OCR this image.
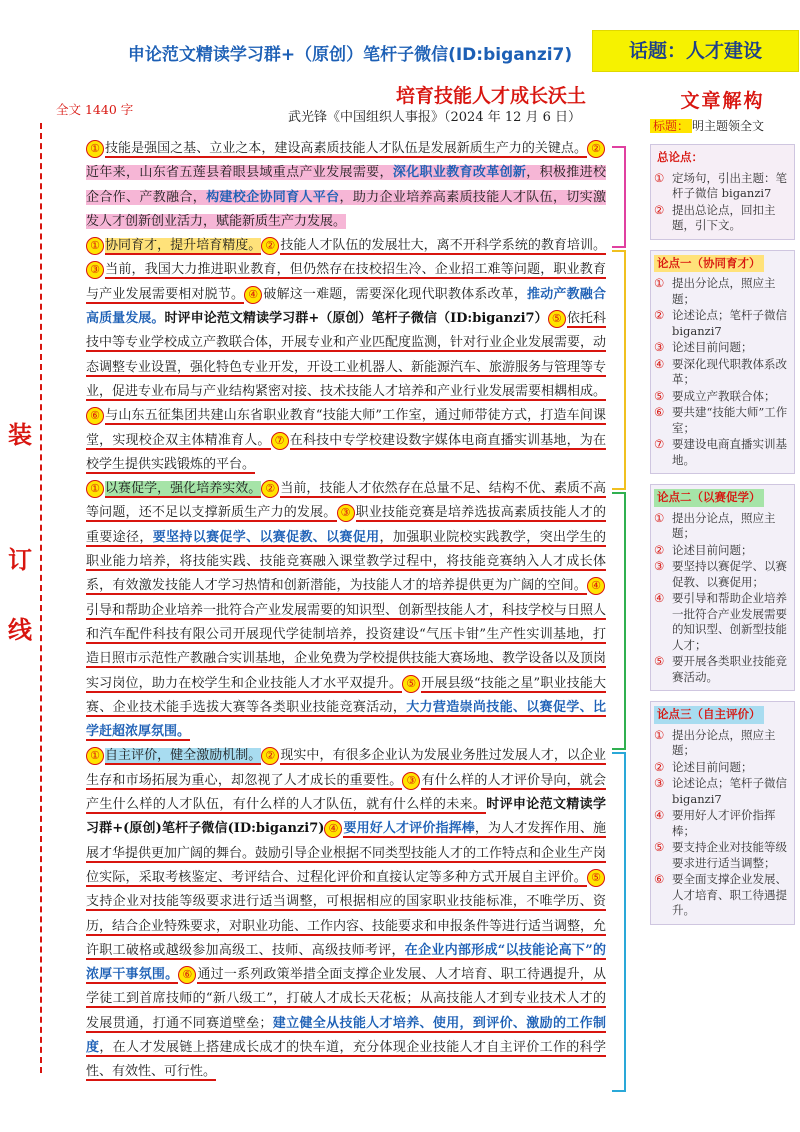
申论范文精读学习群+（原创）笔杆子微信(ID:biganzi7)	话题：人才建设
培育技能人才成长沃土
全文 1440 字
武光锋《中国组织人事报》（2024 年 12 月 6 日）
装
订
线

① 技能是强国之基、立业之本，建设高素质技能人才队伍是发展新质生产力的关键点。 ②近年来，山东省五莲县着眼县域重点产业发展需要，深化职业教育改革创新，积极推进校企合作、产教融合，构建校企协同育人平台，助力企业培养高素质技能人才队伍，切实激发人才创新创业活力，赋能新质生产力发展。

① 协同育才，提升培育精度。 ② 技能人才队伍的发展壮大，离不开科学系统的教育培训。③ 当前，我国大力推进职业教育，但仍然存在技校招生冷、企业招工难等问题，职业教育与产业发展需要相对脱节。 ④ 破解这一难题，需要深化现代职教体系改革，推动产教融合高质量发展。时评申论范文精读学习群+（原创）笔杆子微信（ID:biganzi7） ⑤ 依托科技中等专业学校成立产教联合体，开展专业和产业匹配度监测，针对行业企业发展需要，动态调整专业设置，强化特色专业开发，开设工业机器人、新能源汽车、旅游服务与管理等专业，促进专业布局与产业结构紧密对接、技术技能人才培养和产业行业发展需要相耦相成。⑥ 与山东五征集团共建山东省职业教育“技能大师”工作室，通过师带徒方式，打造车间课堂，实现校企双主体精准育人。 ⑦ 在科技中专学校建设数字媒体电商直播实训基地，为在校学生提供实践锻炼的平台。

① 以赛促学，强化培养实效。 ② 当前，技能人才依然存在总量不足、结构不优、素质不高等问题，还不足以支撑新质生产力的发展。 ③ 职业技能竞赛是培养选拔高素质技能人才的重要途径，要坚持以赛促学、以赛促教、以赛促用，加强职业院校实践教学，突出学生的职业能力培养，将技能实践、技能竞赛融入课堂教学过程中，将技能竞赛纳入人才成长体系，有效激发技能人才学习热情和创新潜能，为技能人才的培养提供更为广阔的空间。 ④引导和帮助企业培养一批符合产业发展需要的知识型、创新型技能人才，科技学校与日照人和汽车配件科技有限公司开展现代学徒制培养，投资建设“气压卡钳”生产性实训基地，打造日照市示范性产教融合实训基地，企业免费为学校提供技能大赛场地、教学设备以及顶岗实习岗位，助力在校学生和企业技能人才水平双提升。 ⑤ 开展县级“技能之星”职业技能大赛、企业技术能手选拔大赛等各类职业技能竞赛活动，大力营造崇尚技能、以赛促学、比学赶超浓厚氛围。

① 自主评价，健全激励机制。 ② 现实中，有很多企业认为发展业务胜过发展人才，以企业生存和市场拓展为重心，却忽视了人才成长的重要性。 ③ 有什么样的人才评价导向，就会产生什么样的人才队伍，有什么样的人才队伍，就有什么样的未来。时评申论范文精读学习群+(原创)笔杆子微信(ID:biganzi7) ④ 要用好人才评价指挥棒，为人才发挥作用、施展才华提供更加广阔的舞台。鼓励引导企业根据不同类型技能人才的工作特点和企业生产岗位实际，采取考核鉴定、考评结合、过程化评价和直接认定等多种方式开展自主评价。 ⑤支持企业对技能等级要求进行适当调整，可根据相应的国家职业技能标准，不唯学历、资历，结合企业特殊要求，对职业功能、工作内容、技能要求和申报条件等进行适当调整，允许职工破格或越级参加高级工、技师、高级技师考评，在企业内部形成“以技能论高下”的浓厚干事氛围。 ⑥ 通过一系列政策举措全面支撑企业发展、人才培育、职工待遇提升，从学徒工到首席技师的“新八级工”，打破人才成长天花板；从高技能人才到专业技术人才的发展贯通，打通不同赛道壁垒；建立健全从技能人才培养、使用，到评价、激励的工作制度，在人才发展链上搭建成长成才的快车道，充分体现企业技能人才自主评价工作的科学性、有效性、可行性。

文章解构
标题： 明主题领全文
总论点：
① 定场句，引出主题：笔杆子微信 biganzi7
② 提出总论点，回扣主题，引下文。
论点一（协同育才）
① 提出分论点，照应主题；
② 论述论点；笔杆子微信 biganzi7
③ 论述目前问题；
④ 要深化现代职教体系改革；
⑤ 要成立产教联合体；
⑥ 要共建“技能大师”工作室；
⑦ 要建设电商直播实训基地。
论点二（以赛促学）
① 提出分论点，照应主题；
② 论述目前问题；
③ 要坚持以赛促学、以赛促教、以赛促用；
④ 要引导和帮助企业培养一批符合产业发展需要的知识型、创新型技能人才；
⑤ 要开展各类职业技能竞赛活动。
论点三（自主评价）
① 提出分论点，照应主题；
② 论述目前问题；
③ 论述论点；笔杆子微信 biganzi7
④ 要用好人才评价指挥棒；
⑤ 要支持企业对技能等级要求进行适当调整；
⑥ 要全面支撑企业发展、人才培育、职工待遇提升。
